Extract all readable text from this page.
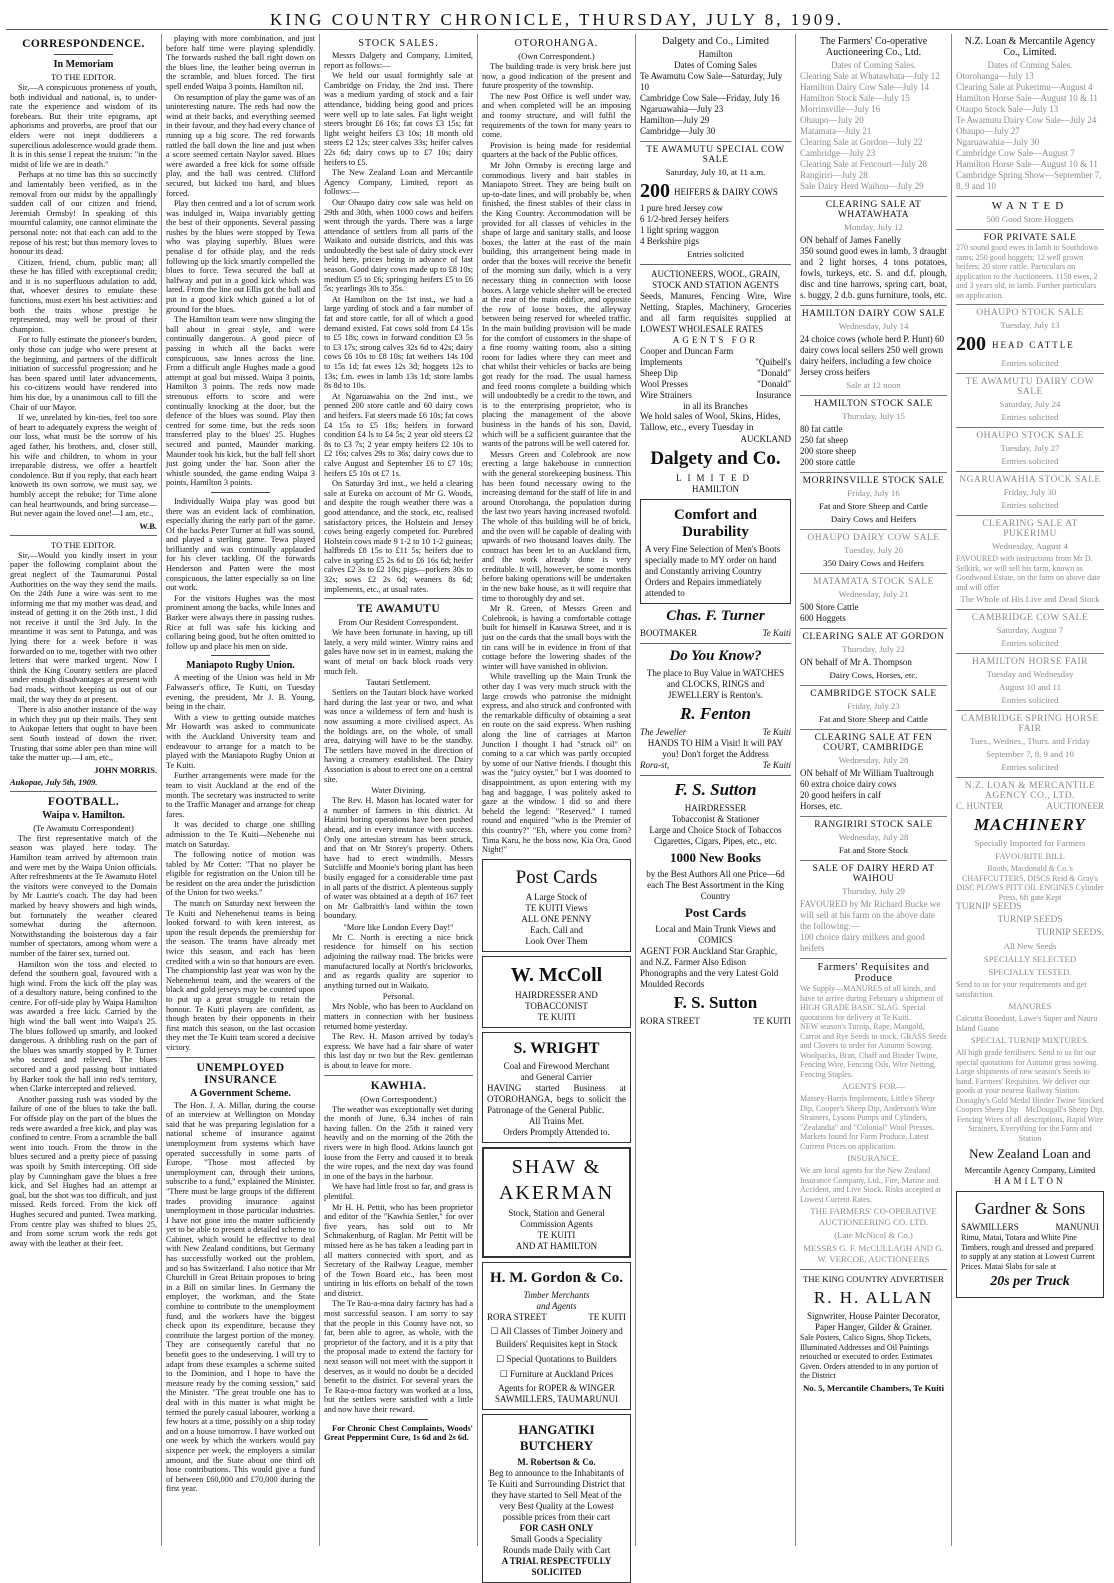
KING COUNTRY CHRONICLE, THURSDAY, JULY 8, 1909.
CORRESPONDENCE.
In Memoriam
TO THE EDITOR.

Sir,—A conspicuous proneness of youth, both individual and national, is, to under-rate the experience and wisdom of its forebears. But their trite epigrams, apt aphorisms and proverbs, are proof that our elders were not inept doddierers a supercilious adolescence would grade them. It is in this sense I repeat the truism: "in the midst of life we are in death."

Perhaps at no time has this so succinctly and lamentably been verified, as in the removal from our midst by the appallingly sudden call of our citizen and friend, Jeremiah Ormsby! In speaking of this mournful calamity, one cannot eliminate the personal note: not that each can add to the repose of his rest; but thus memory loves to honour its dead.

Citizen, friend, chum, public man; all these he has filled with exceptional credit; and it is no superfluous adulation to add, that, whoever desires to emulate these functions, must exert his best activities: and both the traits whose prestige he represented, may well be proud of their champion.

For to fully estimate the pioneer's burden, only those can judge who were present at the beginning, and partners of the difficult initiation of successful progression; and he has been spared until later advancements, his co-citizens would have rendered into him his due, by a unanimous call to fill the Chair of our Mayor.

If we, unrelated by kin-ties, feel too sore of heart to adequately express the weight of our loss, what must be the sorrow of his aged father, his brothers, and, closer still, his wife and children, to whom in your irreparable distress, we offer a heartfelt condolence. But if you reply, that each heart knoweth its own sorrow, we must say, we humbly accept the rebuke; for Time alone can heal heartwounds, and bring surcease—But never again the loved one!—I am, etc.,

W.B.
TO THE EDITOR.

Sir,—Would you kindly insert in your paper the following complaint about the great neglect of the Taumarunui Postal Authorities on the way they send the mails. On the 24th June a wire was sent to me informing me that my mother was dead, and instead of getting it on the 26th inst., I did not receive it until the 3rd July. In the meantime it was sent to Patunga, and was lying there for a week before it was forwarded on to me, together with two other letters that were marked urgent. Now I think the King Country settlers are placed under enough disadvantages at present with bad roads, without keeping us out of our mail, the way they do at present.

There is also another instance of the way in which they put up their mails. They sent to Aukopae letters that ought to have been sent South instead of down the river. Trusting that some abler pen than mine will take the matter up.—I am, etc.,

JOHN MORRIS.
Aukopae, July 5th, 1909.
FOOTBALL.
Waipa v. Hamilton.
(Te Awamutu Correspondent)

The first representative match of the season was played here today. The Hamilton team arrived by afternoon train and were met by the Waipa Union officials. After refreshments at the Te Awamutu Hotel the visitors were conveyed to the Domain by Mr Laurie's coach. The day had been marked by heavy showers and high winds, but fortunately the weather cleared somewhat during the afternoon. Notwithstanding the boisterous day a fair number of spectators, among whom were a number of the fairer sex, turned out.

Hamilton won the toss and elected to defend the southern goal, favoured with a high wind. From the kick off the play was of a desultory nature, being confined to the centre. For off-side play by Waipa Hamilton was awarded a free kick. Carried by the high wind the ball went into Waipa's 25. The blues followed up smartly, and looked dangerous. A dribbling rush on the part of the blues was smartly stopped by P. Turner who secured and relieved. The blues secured and a good passing bout initiated by Barker took the ball into red's territory, when Clarke intercepted and relieved.

Another passing rush was vioded by the failure of one of the blues to take the ball. For offside play on the part of the blues the reds were awarded a free kick, and play was confined to centre. From a scramble the ball went into touch. From the throw in the blues secured and a pretty piece of passing was spoilt by Smith intercepting. Off side play by Cunningham gave the blues a free kick, and Sel Hughes had an attempt at goal, but the shot was too difficult, and just missed. Reds forced. From the kick off Hughes secured and punted. Twea marking. From centre play was shifted to blues 25, and from some scrum work the reds got away with the leather at their feet.

playing with more combination, and just before half time were playing splendidly. The forwards rushed the ball right down on the blues line, the leather being overrun in the scramble, and blues forced. The first spell ended Waipa 3 points, Hamilton nil.

On resumption of play the game was of an uninteresting nature. The reds had now the wind at their backs, and everything seemed in their favour, and they had every chance of running up a big score. The red forwards rattled the ball down the line and just when a score seemed certain Naylor saved. Blues were awarded a free kick for some offside play, and the ball was centred. Clifford secured, but kicked too hard, and blues forced.

Play then centred and a lot of scrum work was indulged in, Waipa invariably getting the best of their opponents. Several passing rushes by the blues were stopped by Tewa who was playing superbly. Blues were penalise d for offside play, and the reds following up the kick smartly compelled the blues to force. Tewa secured the ball at halfway and put in a good kick which was lared. From the line out Ellis got the ball and put in a good kick which gained a lot of ground for the blues.

The Hamilton team were now slinging the ball about in great style, and were continually dangerous. A good piece of passing in which all the backs were conspicuous, saw Innes across the line. From a difficult angle Hughes made a good attempt at goal but missed. Waipa 3 points, Hamilton 3 points. The reds now made strenuous efforts to score and were continually knocking at the door, but the defence of the blues was sound. Play then centred for some time, but the reds soon transferred play to the blues' 25. Hughes secured and punted, Maunder marking. Maunder took his kick, but the ball fell short just going under the bar. Soon after the whistle sounded, the game ending Waipa 3 points, Hamilton 3 points.

Individually Waipa play was good but there was an evident lack of combination, especially during the early part of the game. Of the backs Peter Turner at full was sound, and played a sterling game. Tewa played brilliantly and was continually applauded for his clever tackling. Of the forwards Henderson and Patten were the most conspicuous, the latter especially so on line out work.

For the visitors Hughes was the most prominent among the backs, while Innes and Barker were always there in passing rushes. Rice at full was safe his kicking and collaring being good, but he often omitted to follow up and place his men on side.

Maniapoto Rugby Union.

A meeting of the Union was held in Mr Falwasser's office, Te Kuiti, on Tuesday evening, the president, Mr J. B. Young, being in the chair.

With a view to getting outside matches Mr Howarth was asked to communicate with the Auckland University team and endeavour to arrange for a match to be played with the Maniapoto Rugby Union at Te Kuiti.

Further arrangements were made for the team to visit Auckland at the end of the month. The secretary was instructed to write to the Traffic Manager and arrange for cheap fares.

It was decided to charge one shilling admission to the Te Kuiti—Nehenehe nui match on Saturday.

The following notice of motion was tabled by Mr Cotter: "That no player be eligible for registration on the Union till he be resident on the area under the jurisdiction of the Union for two weeks."

The match on Saturday next between the Te Kuiti and Nehenehenui teams is being looked forward to with keen interest, as upon the result depends the premiership for the season. The teams have already met twice this season, and each has been credited with a win so that honours are even. The championship last year was won by the Nehenehenui team, and the wearers of the black and gold jerseys may be counted upon to put up a great struggle to retain the honour. Te Kuiti players are confident, as though beaten by their opponents in their first match this season, on the last occasion they met the Te Kuiti team scored a decisive victory.

UNEMPLOYED INSURANCE
A Government Scheme.

The Hon. J. A. Millar, during the course of an interview at Wellington on Monday said that he was preparing legislation for a national scheme of insurance against unemployment from systems which have operated successfully in some parts of Europe. "Those most affected by unemployment can, through their unions, subscribe to a fund," explained the Minister. "There must be large groups of the different trades providing insurance against unemployment in those particular industries. I have not gone into the matter sufficiently yet to be able to present a detailed scheme to Cabinet, which would be effective to deal with New Zealand conditions, but Germany has successfully worked out the problem, and so has Switzerland. I also notice that Mr Churchill in Great Britain proposes to bring in a Bill on similar lines. In Germany the employer, the workman, and the State combine to contribute to the unemployment fund, and the workers have the biggest check upon its expenditure, because they contribute the largest portion of the money. They are consequently careful that no benefit goes to the undeserving. I will try to adapt from these examples a scheme suited to the Dominion, and I hope to have the measure ready by the coming session," said the Minister. "The great trouble one has to deal with in this matter is what might be termed the purely casual labourer, working a few hours at a time, possibly on a ship today and on a house tomorrow. I have worked out one week by which the workers would pay sixpence per week, the employers a similar amount, and the State about one third oft hose contributions. This would give a fund of between £60,000 and £70,000 during the first year.

STOCK SALES.

Messrs Dalgety and Company, Limited, report as follows:—

We held our usual fortnightly sale at Cambridge on Friday, the 2nd inst. There was a medium yarding of stock and a fair attendance, bidding being good and prices were well up to late sales. Fat light weight steers brought £6 16s; fat cows £3 15s; fat light weight heifers £3 10s; 18 month old steers £2 12s; steer calves 33s; heifer calves 22s 6d; dairy cows up to £7 10s; dairy heifers to £5.

The New Zealand Loan and Mercantile Agency Company, Limited, report as follows:—

Our Ohaupo dairy cow sale was held on 29th and 30th, when 1000 cows and heifers went through the yards. There was a large attendance of settlers from all parts of the Waikato and outside districts, and this was undoubtedly the best sale of dairy stock ever held here, prices being in advance of last season. Good dairy cows made up to £8 10s; medium £5 to £6; springing heifers £5 to £6 5s; yearlings 30s to 35s.

At Hamilton on the 1st inst., we had a large yarding of stock and a fair number of fat and store cattle, for all of which a good demand existed. Fat cows sold from £4 15s to £5 18s; cows in forward condition £3 5s to £3 17s; strong calves 32s 6d to 42s; dairy cows £6 10s to £8 10s; fat wethers 14s 10d to 15s 1d; fat ewes 12s 3d; hoggets 12s to 13s; f.m. ewes in lamb 13s 1d; store lambs 8s 8d to 10s.

At Ngaruawahia on the 2nd inst., we penned 200 store cattle and 60 dairy cows and heifers. Fat steers made £6 10s; fat cows £4 15s to £5 18s; heifers in forward condition £4 ls to £4 5s; 2 year old steers £2 8s to £3 7s; 2 year empty heifers £2 10s to £2 16s; calves 29s to 36s; dairy cows due to calve August and September £6 to £7 10s; heifers £5 10s ot £7 1s.

On Saturday 3rd inst., we held a clearing sale at Eureka on account of Mr G. Woods, and despite the rough weather there was a good attendance, and the stock, etc, realised satisfactory prices, the Holstein and Jersey cows being eagerly competed for. Purebred Holstein cows made 9 1-2 to 10 1-2 guineas; halfbreds £8 15s to £11 5s; heifers due to calve in spring £5 2s 6d to £6 16s 6d; heifer calves £2 3s to £2 10s; pigs—porkers 30s to 32s; sows £2 2s 6d; weaners 8s 6d; implements, etc., at usual rates.

TE AWAMUTU
From Our Resident Correspondent.

We have been fortunate in having, up till lately, a very mild winter. Wintry rains and gales have now set in in earnest, making the want of metal on back block roads very much felt.

Tautari Settlement.

Settlers on the Tautari block have worked hard during the last year or two, and what was once a wilderness of fern and bush is now assuming a more civilised aspect. As the holdings are, on the whole, of small area, dairying will have to be the standby. The settlers have moved in the direction of having a creamery established. The Dairy Association is about to erect one on a central site.

Water Divining.

The Rev. H. Mason has located water for a number of farmers in this district. At Hairini boring operations have been pushed ahead, and in every instance with success. Only one artesian stream has been struck, and that on Mr Storey's property. Others have had to erect windmills. Messrs Sutcliffe and Moonie's boring plant has been busily engaged for a considerable time past in all parts of the district. A plenteous supply of water was obtained at a depth of 167 feet on Mr Galbraith's land within the town boundary.

"More like London Every Day!"

Mr C. North is erecting a nice brick residence for himself on his section adjoining the railway road. The bricks were manufactured locally at North's brickworks, and as regards quality are superior to anything turned out in Waikato.

Personal.

Mrs Noble, who has been to Auckland on matters in connection with her business returned home yesterday.

The Rev. H. Mason arrived by today's express. We have had a fair share of water this last day or two but the Rev. gentleman is about to leave for more.

KAWHIA.
(Own Correspondent.)

The weather was exceptionally wet during the month of June, 6.34 inches of rain having fallen. On the 25th it rained very heavily and on the morning of the 26th the rivers were in high flood. Atkins launch got loose from the Ferry and caused it to break the wire ropes, and the next day was found in one of the bays in the harbour.

We have had little frost so far, and grass is plentiful.

Mr H. H. Pettit, who has been proprietor and editor of the "Kawhia Settler," for over five years, has sold out to Mr Schmakenburg, of Raglan. Mr Pettit will be missed here as he has taken a leading part in all matters connected with sport, and as Secretary of the Railway League, member of the Town Board etc., has been most untiring in his efforts on behalf of the town and district.

The Te Rau-a-moa dairy factory has had a most successful season. I am sorry to say that the people in this County have not, so far, been able to agree, as whole, with the proprietor of the factory, and it is a pity that the proposal made to extend the factory for next season will not meet with the support it deserves, as it would no doubt be a decided benefit to the district. For several years the Te Rau-a-moa factory was worked at a loss, but the settlers were satisfied with a little and now have their reward.

For Chronic Chest Complaints, Woods' Great Peppermint Cure, 1s 6d and 2s 6d.

OTOROHANGA.
(Own Correspondent.)

The building trade is very brisk here just now, a good indication of the present and future prosperity of the township.

The new Post Office is well under way, and when completed will be an imposing and roomy structure, and will fulfil the requirements of the town for many years to come.

Provision is being made for residential quarters at the back of the Public offices.

Mr John Ormsby is erecting large and commodious livery and bait stables in Maniapoto Street. They are being built on up-to-date lines, and will probably be, when finished, the finest stables of their class in the King Country. Accommodation will be provided for all classes of vehicles in the shape of large and sanitary stalls, and loose boxes, the latter at the east of the main building, this arrangement being made in order that the boxes will receive the benefit of the morning sun daily, which is a very necessary thing in connection with loose boxes. A large vehicle shelter will be erected at the rear of the main edifice, and opposite the row of loose boxes, the alleyway between being reserved for wheeled traffic. In the main building provision will be made for the comfort of customers in the shape of a fine roomy waiting room, also a sitting room for ladies where they can meet and chat whilst their vehicles or backs are being got ready for the road. The usual harness and feed rooms complete a building which will undoubtedly be a credit to the town, and is to the enterprising proprietor, who is placing the management of the above business in the hands of his son, David, which will be a sufficient guarantee that the wants of the patrons will be well catered for.

Messrs Green and Colebrook are now erecting a large bakehouse in connection with the general storekeeping business. This has been found necessary owing to the increasing demand for the staff of life in and around Otorohanga, the population during the last two years having increased twofold. The whole of this building will be of brick, and the oven will be capable of dealing with upwards of two thousand loaves daily. The contract has been let to an Auckland firm, and the work already done is very creditable. It will, however, be some months before baking operations will be undertaken in the new bake house, as it will require that time to thoroughly dry and set.

Mr R. Green, of Messrs Green and Colebrook, is having a comfortable cottage built for himself in Kanawa Street, and it is just on the cards that the small boys with the tin cans will be in evidence in front of that cottage before the lowering shades of the winter will have vanished in oblivion.

While travelling up the Main Trunk the other day I was very much struck with the large crowds who patronise the midnight express, and also struck and confronted with the remarkable difficulty of obtaining a seat en route on the said express. When rushing along the line of carriages at Marton Junction I thought I had "struck oil" on coming to a car which was partly occupied by some of our Native friends. I thought this was the "juicy oyster," but I was doomed to disappointment, as upon entering with my bag and baggage, I was politely asked to gaze at the window. I did so and there beheld the legend: "Reserved." I turned round and enquired "who is the Premier of this country?" "Eh, where you come from? Tima Karu, he the boss now, Kia Ora, Good Night!"

Post Cards
A Large Stock of
TE KUITI Views
ALL ONE PENNY
Each. Call and
Look Over Them
W. McColl
HAIRDRESSER AND
TOBACCONIST
TE KUITI
S. WRIGHT
Coal and Firewood Merchant
and General Carrier
HAVING started Business at OTOROHANGA, begs to solicit the Patronage of the General Public.
All Trains Met.
Orders Promptly Attended to.
SHAW &
AKERMAN
Stock, Station and General
Commission Agents
TE KUITI
AND AT HAMILTON
H. M. Gordon & Co.
Timber Merchants
and Agents
RORA STREET	TE KUITI
☐ All Classes of Timber Joinery and Builders' Requisites kept in Stock
☐ Special Quotations to Builders
☐ Furniture at Auckland Prices
Agents for ROPER & WINGER SAWMILLERS, TAUMARUNUI
HANGATIKI BUTCHERY
M. Robertson & Co.
Beg to announce to the Inhabitants of Te Kuiti and Surrounding District that they have started to Sell Meat of the very Best Quality at the Lowest possible prices from their cart
FOR CASH ONLY
Small Goods a Speciality
Rounds made Daily with Cart
A TRIAL RESPECTFULLY SOLICITED
Dalgety and Co., Limited
Hamilton
Dates of Coming Sales
Te Awamutu Cow Sale—Saturday, July 10
Cambridge Cow Sale—Friday, July 16
Ngaruawahia—July 23
Hamilton—July 29
Cambridge—July 30
TE AWAMUTU SPECIAL COW SALE
Saturday, July 10, at 11 a.m.
200 HEIFERS & DAIRY COWS
1 pure bred Jersey cow
6 1/2-bred Jersey heifers
1 light spring waggon
4 Berkshire pigs
Entries solicited
AUCTIONEERS, WOOL, GRAIN, STOCK AND STATION AGENTS
Seeds, Manures, Fencing Wire, Wire Netting, Staples, Machinery, Groceries and all farm requisites supplied at LOWEST WHOLESALE RATES
AGENTS FOR
Cooper and Duncan Farm
Implements	"Quibell's
Sheep Dip	"Donald"
Wool Presses	"Donald"
Wire Strainers	Insurance
in all its Branches
We hold sales of Wool, Skins, Hides, Tallow, etc., every Tuesday in
AUCKLAND
Dalgety and Co.
LIMITED
HAMILTON
Comfort and Durability
A very Fine Selection of Men's Boots specially made to MY order on hand and Constantly arriving Country Orders and Repairs immediately attended to
Chas. F. Turner
BOOTMAKER	Te Kuiti
Do You Know?
The place to Buy Value in WATCHES and CLOCKS, RINGS and JEWELLERY is Renton's.
R. Fenton
The Jeweller	Te Kuiti
HANDS TO HIM a Visit! It will PAY you! Don't forget the Address
Rora-st,	Te Kuiti
F. S. Sutton
HAIRDRESSER
Tobacconist & Stationer
Large and Choice Stock of Tobaccos Cigarettes, Cigars, Pipes, etc., etc.
1000 New Books
by the Best Authors All one Price—6d each The Best Assortment in the King Country
Post Cards
Local and Main Trunk Views and COMICS
AGENT FOR Auckland Star Graphic, and N.Z. Farmer Also Edison Phonographs and the very Latest Gold Moulded Records
F. S. Sutton
RORA STREET	TE KUITI
The Farmers' Co-operative Auctioneering Co., Ltd.
Dates of Coming Sales.
Clearing Sale at Whatawhata—July 12
Hamilton Dairy Cow Sale—July 14
Hamilton Stock Sale—July 15
Morrinsville—July 16
Ohaupo—July 20
Matamata—July 21
Clearing Sale at Gordon—July 22
Cambridge—July 23
Clearing Sale at Fencourt—July 28
Rangiriri—July 28
Sale Dairy Herd Waihou—July 29
CLEARING SALE AT WHATAWHATA
Monday, July 12
ON behalf of James Fanelly
350 sound good ewes in lamb, 3 draught and 2 light horses, 4 tons potatoes, fowls, turkeys, etc. S. and d.f. plough, disc and tine harrows, spring cart, boat, s. buggy, 2 d.b. guns furniture, tools, etc.
HAMILTON DAIRY COW SALE
Wednesday, July 14
24 choice cows (whole herd P. Hunt) 60 dairy cows local sellers 250 well grown dairy heifers, including a few choice Jersey cross heifers
Sale at 12 noon
HAMILTON STOCK SALE
Thursday, July 15
80 fat cattle
250 fat sheep
200 store sheep
200 store cattle
MORRINSVILLE STOCK SALE
Friday, July 16
Fat and Store Sheep and Cattle
Dairy Cows and Heifers
OHAUPO DAIRY COW SALE
Tuesday, July 20
350 Dairy Cows and Heifers
MATAMATA STOCK SALE
Wednesday, July 21
500 Store Cattle
600 Hoggets
CLEARING SALE AT GORDON
Thursday, July 22
ON behalf of Mr A. Thompson
Dairy Cows, Horses, etc.
CAMBRIDGE STOCK SALE
Friday, July 23
Fat and Store Sheep and Cattle
CLEARING SALE AT FEN COURT, CAMBRIDGE
Wednesday, July 28
ON behalf of Mr William Tualtrough
60 extra choice dairy cows
20 good heifers in calf
Horses, etc.
RANGIRIRI STOCK SALE
Wednesday, July 28
Fat and Store Stock
SALE OF DAIRY HERD AT WAIHOU
Thursday, July 29
FAVOURED by Mr Richard Bucke we will sell at his farm on the above date the following:—
100 choice dairy milkers and good heifers
Farmers' Requisites and Produce
We Supply—MANURES of all kinds, and have to arrive during February a shipment of HIGH GRADE BASIC SLAG. Special quotations for delivery at Te Kuiti.
NEW season's Turnip, Rape, Mangold, Carrot and Rye Seeds in stock. GRASS Seeds and Clovers to order for Autumn Sowing.
Woolpacks, Bran, Chaff and Binder Twine, Fencing Wire, Fencing Oils, Wire Netting, Fencing Staples.
AGENTS FOR—
Massey-Harris Implements, Little's Sheep Dip, Cooper's Sheep Dip, Anderson's Wire Strainers, Lysons Pumps and Cylinders, "Zealandia" and "Colonial" Wool Presses.
Markets found for Farm Produce. Latest Current Prices on application.
INSURANCE.
We are local agents for the New Zealand Insurance Company, Ltd., Fire, Marine and Accident, and Live Stock. Risks accepted at Lowest Current Rates.
THE FARMERS' CO-OPERATIVE AUCTIONEERING CO. LTD.
(Late McNicol & Co.)
MESSRS G. F. McCULLAGH AND G. W. VERCOE, AUCTIONEERS
THE KING COUNTRY ADVERTISER
R. H. ALLAN
Signwriter, House Painter Decorator, Paper Hanger, Gilder & Grainer.
Sale Posters, Calico Signs, Shop Tickets, Illuminated Addresses and Oil Paintings retouched or executed to order. Estimates Given. Orders attended to in any portion of the District
No. 5, Mercantile Chambers, Te Kuiti
N.Z. Loan & Mercantile Agency Co., Limited.
Dates of Coming Sales.
Otorohanga—July 13
Clearing Sale at Pukerimu—August 4
Hamilton Horse Sale—August 10 & 11
Otaupo Stock Sale—July 13
Te Awamutu Dairy Cow Sale—July 24
Ohaupo—July 27
Ngaruawahia—July 30
Cambridge Cow Sale—August 7
Hamilton Horse Sale—August 10 & 11
Cambridge Spring Show—September 7, 8, 9 and 10
WANTED
500 Good Store Hoggets
FOR PRIVATE SALE
270 sound good ewes in lamb to Southdown rams; 250 good hoggets; 12 well grown heifers; 20 store cattle. Particulars on application to the Auctioneers. 1150 ewes, 2 and 3 years old, in lamb. Further particulars on application.
OHAUPO STOCK SALE
Tuesday, July 13
200 HEAD CATTLE
Entries solicited
TE AWAMUTU DAIRY COW SALE
Saturday, July 24
Entries solicited
OHAUPO STOCK SALE
Tuesday, July 27
Entries solicited
NGARUAWAHIA STOCK SALE
Friday, July 30
Entries solicited
CLEARING SALE AT PUKERIMU
Wednesday, August 4
FAVOURED with instructions from Mr D. Selkirk, we will sell his farm, known as Goodwood Estate, on the farm on above date and will offer
The Whole of His Live and Dead Stock
CAMBRIDGE COW SALE
Saturday, August 7
Entries solicited
HAMILTON HORSE FAIR
Tuesday and Wednesday
August 10 and 11
Entries solicited
CAMBRIDGE SPRING HORSE FAIR
Tues., Wednes., Thurs. and Friday
September 7, 8, 9 and 10
Entries solicited
N.Z. LOAN & MERCANTILE AGENCY CO., LTD.
C. HUNTER	AUCTIONEER
MACHINERY
Specially Imported for Farmers
FAVOURITE BILL
Booth, Macdonald & Co.'s CHAFFCUTTERS, DISCS Reid & Gray's DISC PLOWS PITT OIL ENGINES Cylinder Press, 6ft gate Kept
TURNIP SEEDS
TURNIP SEEDS
TURNIP SEEDS.
All New Seeds
SPECIALLY SELECTED
SPECIALLY TESTED.
Send to us for your requirements and get satisfaction.
MANURES
Calcutta Bonedust, Lawe's Super and Nauru Island Guano
SPECIAL TURNIP MIXTURES.
All high grade fertilisers. Send to us for our special quotations for Autumn grass sowing. Large shipments of new season's Seeds to hand. Farmers' Requisites. We deliver our goods at your nearest Railway Station.
Donaghy's Gold Medal Binder Twine Stocked
Coopers Sheep Dip McDougall's Sheep Dip,
Fencing Wires of all descriptions, Rapid Wire Strainers, Everything for the Farm and Station
New Zealand Loan and
Mercantile Agency Company, Limited
HAMILTON
Gardner & Sons
SAWMILLERS	MANUNUI
Rimu, Matai, Totara and White Pine Timbers, rough and dressed and prepared to supply at any station at Lowest Current Prices. Matai Slabs for sale at
20s per Truck
